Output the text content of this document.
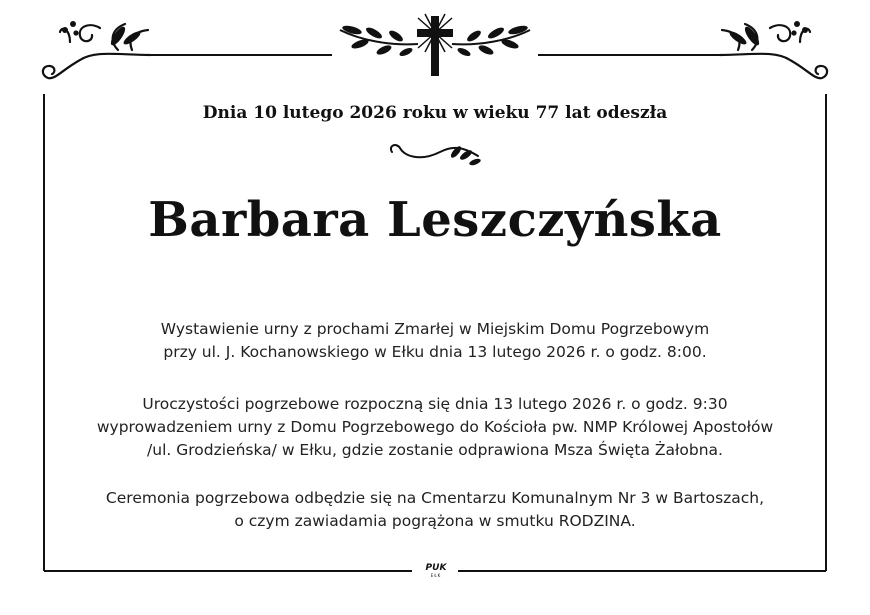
Dnia 10 lutego 2026 roku w wieku 77 lat odeszła
Barbara Leszczyńska
Wystawienie urny z prochami Zmarłej w Miejskim Domu Pogrzebowym
przy ul. J. Kochanowskiego w Ełku dnia 13 lutego 2026 r. o godz. 8:00.
Uroczystości pogrzebowe rozpoczną się dnia 13 lutego 2026 r. o godz. 9:30
wyprowadzeniem urny z Domu Pogrzebowego do Kościoła pw. NMP Królowej Apostołów
/ul. Grodzieńska/ w Ełku, gdzie zostanie odprawiona Msza Święta Żałobna.
Ceremonia pogrzebowa odbędzie się na Cmentarzu Komunalnym Nr 3 w Bartoszach,
o czym zawiadamia pogrążona w smutku RODZINA.
PUK
EŁK
